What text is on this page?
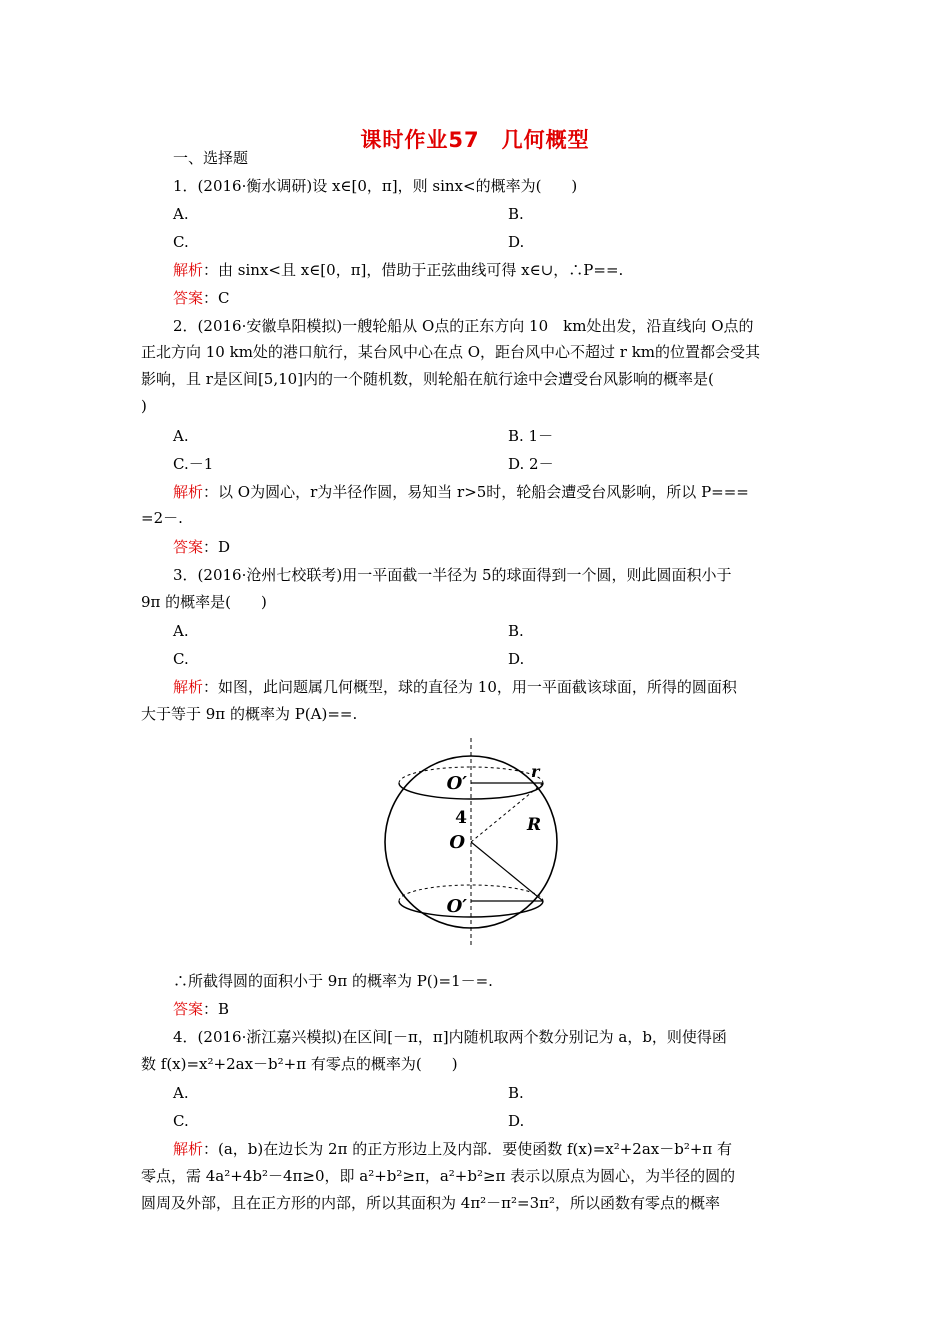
课时作业57　几何概型
一、选择题
1．(2016·衡水调研)设 x∈[0，π]，则 sinx<的概率为(　　)
A.	B.
C.	D.
解析：由 sinx<且 x∈[0，π]，借助于正弦曲线可得 x∈∪，∴P==.
答案：C
2．(2016·安徽阜阳模拟)一艘轮船从 O点的正东方向 10　km处出发，沿直线向 O点的
正北方向 10 km处的港口航行，某台风中心在点 O，距台风中心不超过 r km的位置都会受其
影响，且 r是区间[5,10]内的一个随机数，则轮船在航行途中会遭受台风影响的概率是(
)
A.	B. 1－
C.－1	D. 2－
解析：以 O为圆心，r为半径作圆，易知当 r>5时，轮船会遭受台风影响，所以 P===
=2－.
答案：D
3．(2016·沧州七校联考)用一平面截一半径为 5的球面得到一个圆，则此圆面积小于
9π 的概率是(　　)
A.	B.
C.	D.
解析：如图，此问题属几何概型，球的直径为 10，用一平面截该球面，所得的圆面积
大于等于 9π 的概率为 P(A)==.
O′
r
4	R
O
O′
∴所截得圆的面积小于 9π 的概率为 P()=1－=.
答案：B
4．(2016·浙江嘉兴模拟)在区间[－π，π]内随机取两个数分别记为 a，b，则使得函
数 f(x)=x²+2ax－b²+π 有零点的概率为(　　)
A.	B.
C.	D.
解析：(a，b)在边长为 2π 的正方形边上及内部．要使函数 f(x)=x²+2ax－b²+π 有
零点，需 4a²+4b²－4π≥0，即 a²+b²≥π，a²+b²≥π 表示以原点为圆心，为半径的圆的
圆周及外部，且在正方形的内部，所以其面积为 4π²－π²=3π²，所以函数有零点的概率
